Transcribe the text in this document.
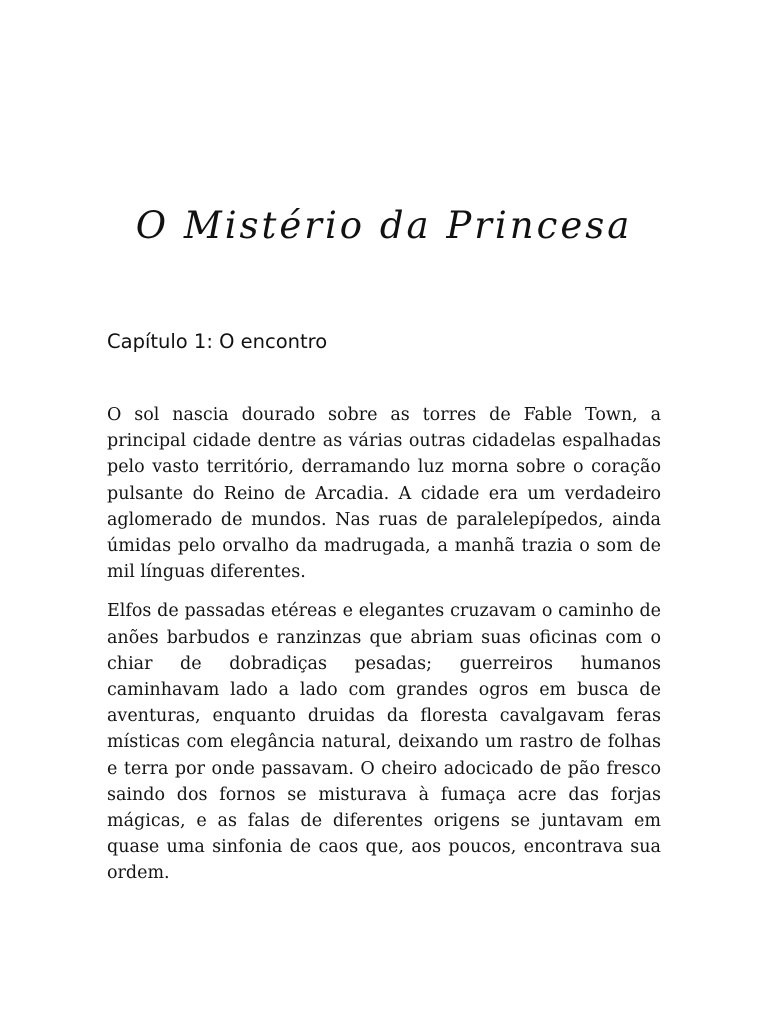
O Mistério da Princesa
Capítulo 1: O encontro

O sol nascia dourado sobre as torres de Fable Town, a principal cidade dentre as várias outras cidadelas espalhadas pelo vasto território, derramando luz morna sobre o coração pulsante do Reino de Arcadia. A cidade era um verdadeiro aglomerado de mundos. Nas ruas de paralelepípedos, ainda úmidas pelo orvalho da madrugada, a manhã trazia o som de mil línguas diferentes.

Elfos de passadas etéreas e elegantes cruzavam o caminho de anões barbudos e ranzinzas que abriam suas oficinas com o chiar de dobradiças pesadas; guerreiros humanos caminhavam lado a lado com grandes ogros em busca de aventuras, enquanto druidas da floresta cavalgavam feras místicas com elegância natural, deixando um rastro de folhas e terra por onde passavam. O cheiro adocicado de pão fresco saindo dos fornos se misturava à fumaça acre das forjas mágicas, e as falas de diferentes origens se juntavam em quase uma sinfonia de caos que, aos poucos, encontrava sua ordem.
